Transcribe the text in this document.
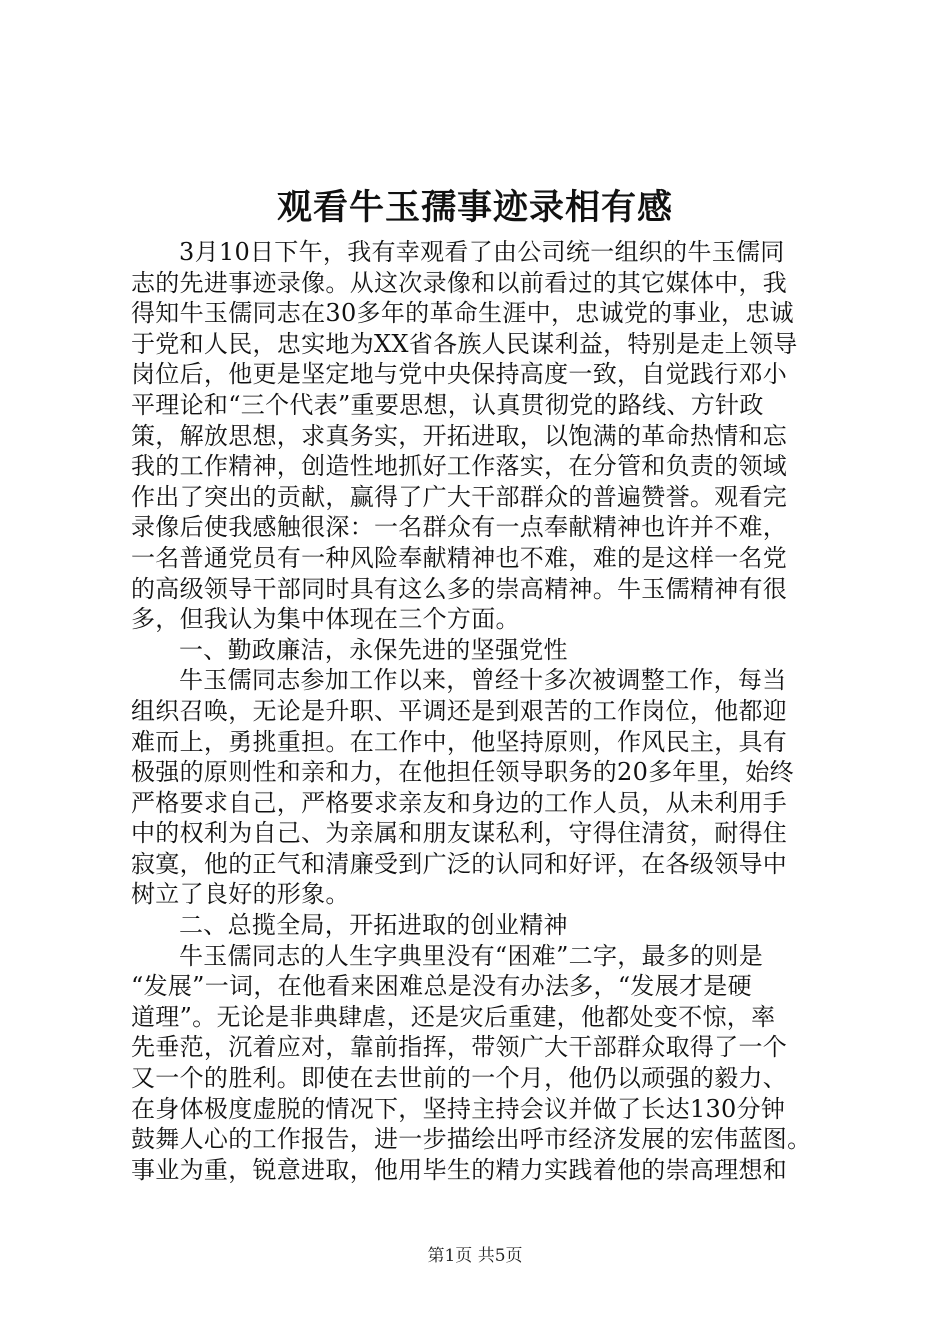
观看牛玉孺事迹录相有感
3月10日下午，我有幸观看了由公司统一组织的牛玉儒同
志的先进事迹录像。从这次录像和以前看过的其它媒体中，我
得知牛玉儒同志在30多年的革命生涯中，忠诚党的事业，忠诚
于党和人民，忠实地为XX省各族人民谋利益，特别是走上领导
岗位后，他更是坚定地与党中央保持高度一致，自觉践行邓小
平理论和“三个代表”重要思想，认真贯彻党的路线、方针政
策，解放思想，求真务实，开拓进取，以饱满的革命热情和忘
我的工作精神，创造性地抓好工作落实，在分管和负责的领域
作出了突出的贡献，赢得了广大干部群众的普遍赞誉。观看完
录像后使我感触很深：一名群众有一点奉献精神也许并不难，
一名普通党员有一种风险奉献精神也不难，难的是这样一名党
的高级领导干部同时具有这么多的崇高精神。牛玉儒精神有很
多，但我认为集中体现在三个方面。
一、勤政廉洁，永保先进的坚强党性
牛玉儒同志参加工作以来，曾经十多次被调整工作，每当
组织召唤，无论是升职、平调还是到艰苦的工作岗位，他都迎
难而上，勇挑重担。在工作中，他坚持原则，作风民主，具有
极强的原则性和亲和力，在他担任领导职务的20多年里，始终
严格要求自己，严格要求亲友和身边的工作人员，从未利用手
中的权利为自己、为亲属和朋友谋私利，守得住清贫，耐得住
寂寞，他的正气和清廉受到广泛的认同和好评，在各级领导中
树立了良好的形象。
二、总揽全局，开拓进取的创业精神
牛玉儒同志的人生字典里没有“困难”二字，最多的则是
“发展”一词，在他看来困难总是没有办法多，“发展才是硬
道理”。无论是非典肆虐，还是灾后重建，他都处变不惊，率
先垂范，沉着应对，靠前指挥，带领广大干部群众取得了一个
又一个的胜利。即使在去世前的一个月，他仍以顽强的毅力、
在身体极度虚脱的情况下，坚持主持会议并做了长达130分钟
鼓舞人心的工作报告，进一步描绘出呼市经济发展的宏伟蓝图。
事业为重，锐意进取，他用毕生的精力实践着他的崇高理想和
第1页 共5页
